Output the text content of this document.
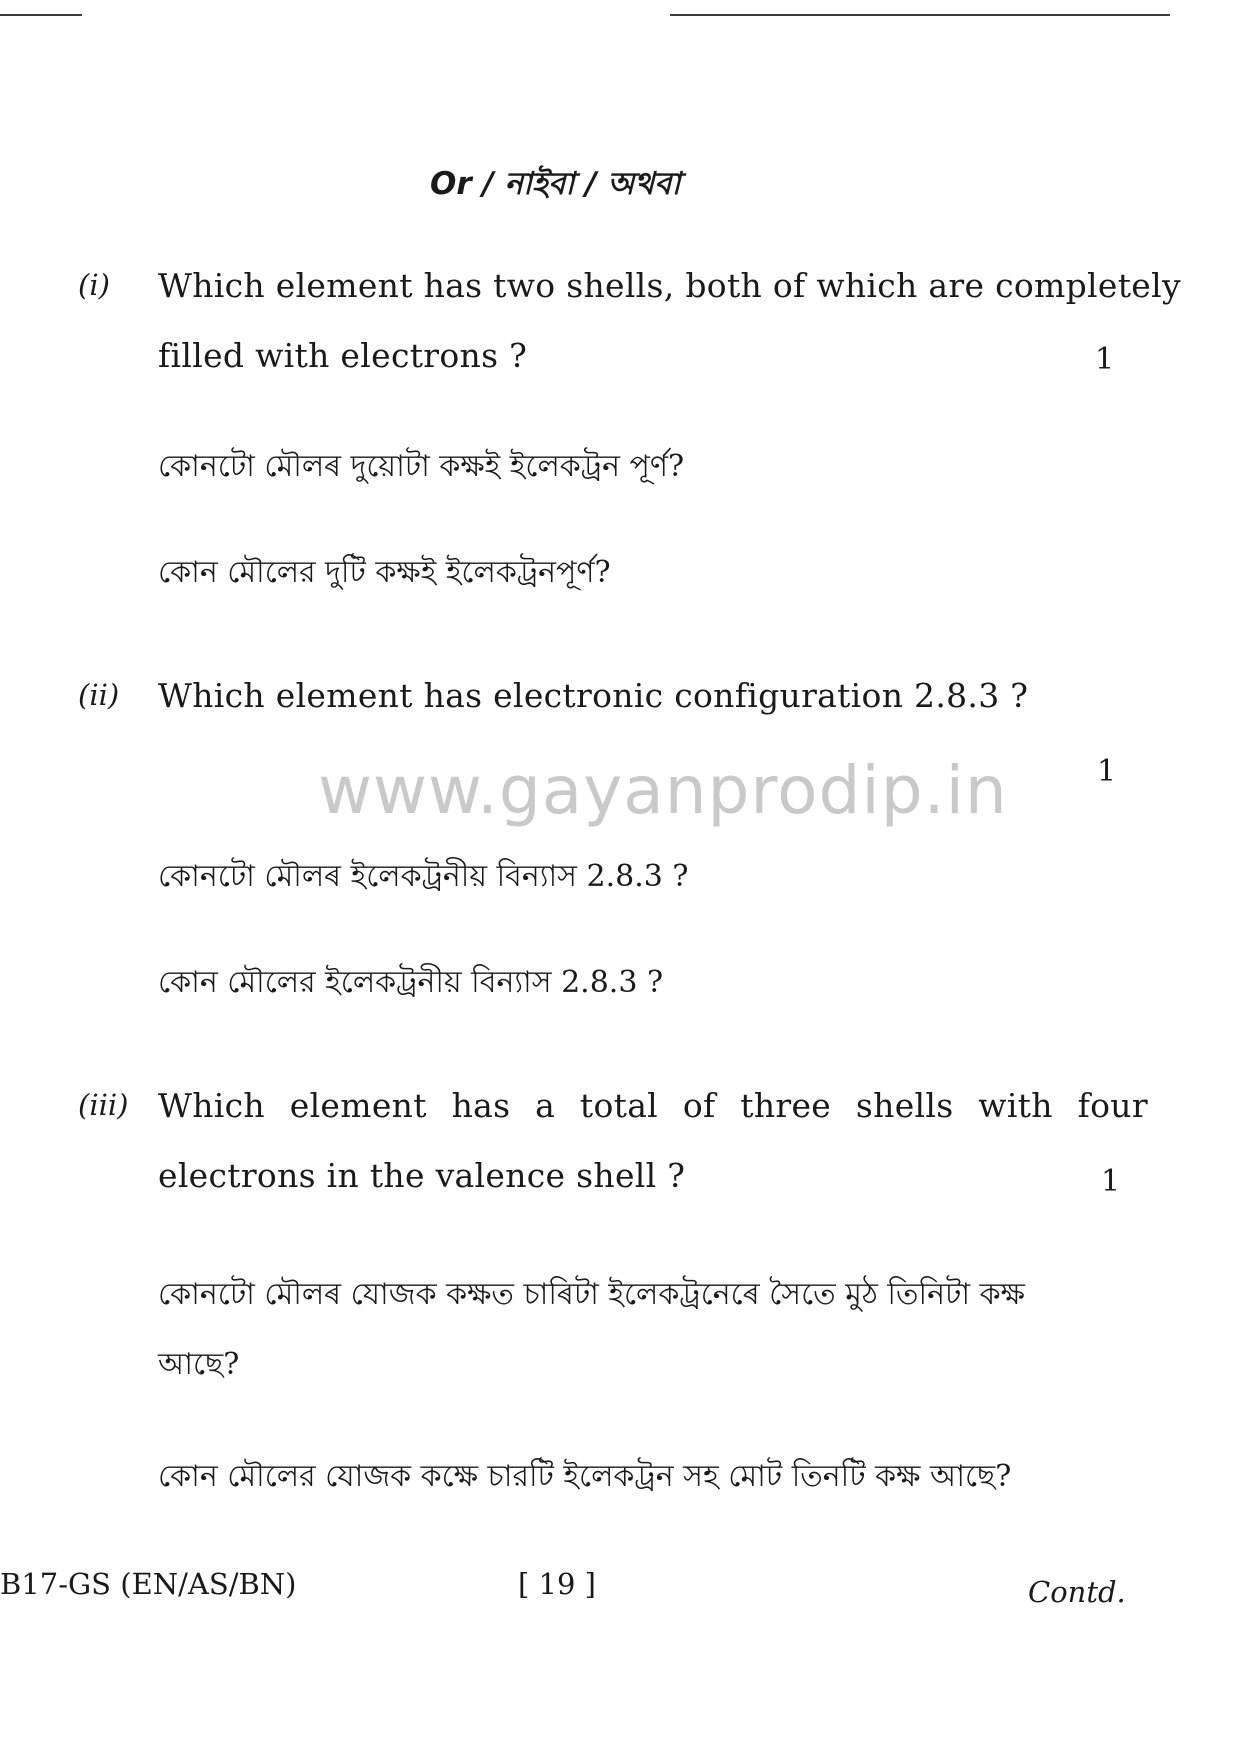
Or / নাইবা / অথবা
(i) Which element has two shells, both of which are completely
filled with electrons ?	1
কোনটো মৌলৰ দুয়োটা কক্ষই ইলেকট্ৰন পূৰ্ণ?
কোন মৌলের দুটি কক্ষই ইলেকট্রনপূর্ণ?
(ii) Which element has electronic configuration 2.8.3 ?
1
কোনটো মৌলৰ ইলেকট্ৰনীয় বিন্যাস 2.8.3 ?
কোন মৌলের ইলেকট্রনীয় বিন্যাস 2.8.3 ?
(iii) Which element has a total of three shells with four
electrons in the valence shell ?	1
কোনটো মৌলৰ যোজক কক্ষত চাৰিটা ইলেকট্ৰনেৰে সৈতে মুঠ তিনিটা কক্ষ
আছে?
কোন মৌলের যোজক কক্ষে চারটি ইলেকট্রন সহ মোট তিনটি কক্ষ আছে?
www.gayanprodip.in
B17-GS (EN/AS/BN)	[ 19 ]	Contd.
